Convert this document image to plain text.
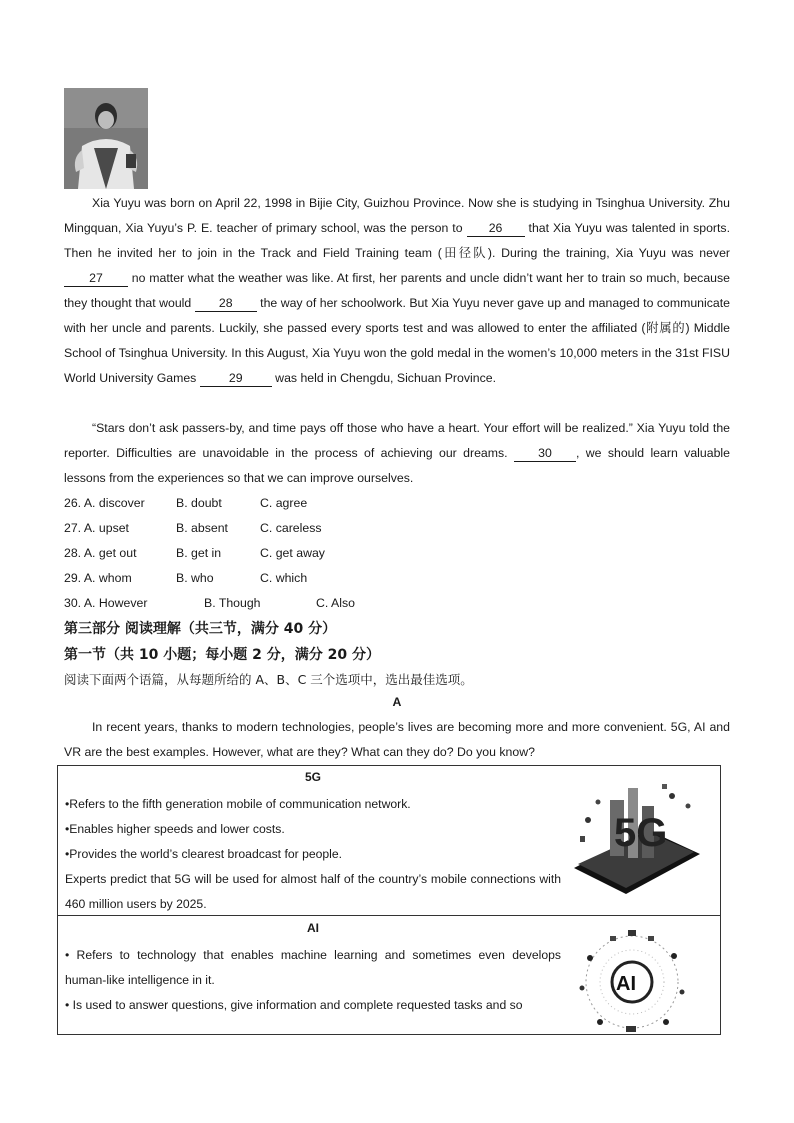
Xia Yuyu was born on April 22, 1998 in Bijie City, Guizhou Province. Now she is studying in Tsinghua University. Zhu Mingquan, Xia Yuyu’s P. E. teacher of primary school, was the person to 26 that Xia Yuyu was talented in sports. Then he invited her to join in the Track and Field Training team (田径队). During the training, Xia Yuyu was never 27 no matter what the weather was like. At first, her parents and uncle didn’t want her to train so much, because they thought that would 28 the way of her schoolwork. But Xia Yuyu never gave up and managed to communicate with her uncle and parents. Luckily, she passed every sports test and was allowed to enter the affiliated (附属的) Middle School of Tsinghua University. In this August, Xia Yuyu won the gold medal in the women’s 10,000 meters in the 31st FISU World University Games 29 was held in Chengdu, Sichuan Province.
“Stars don’t ask passers-by, and time pays off those who have a heart. Your effort will be realized.” Xia Yuyu told the reporter. Difficulties are unavoidable in the process of achieving our dreams. 30 , we should learn valuable lessons from the experiences so that we can improve ourselves.
26. A. discover	B. doubt	C. agree
27. A. upset	B. absent	C. careless
28. A. get out	B. get in	C. get away
29. A. whom	B. who	C. which
30. A. However	B. Though	C. Also
第三部分 阅读理解（共三节，满分 40 分）
第一节（共 10 小题；每小题 2 分，满分 20 分）
阅读下面两个语篇，从每题所给的 A、B、C 三个选项中，选出最佳选项。
A
In recent years, thanks to modern technologies, people’s lives are becoming more and more convenient. 5G, AI and VR are the best examples. However, what are they? What can they do? Do you know?
5G
•Refers to the fifth generation mobile of communication network.
•Enables higher speeds and lower costs.
•Provides the world’s clearest broadcast for people.
Experts predict that 5G will be used for almost half of the country’s mobile connections with 460 million users by 2025.
5G
AI
• Refers to technology that enables machine learning and sometimes even develops human-like intelligence in it.
• Is used to answer questions, give information and complete requested tasks and so
AI
